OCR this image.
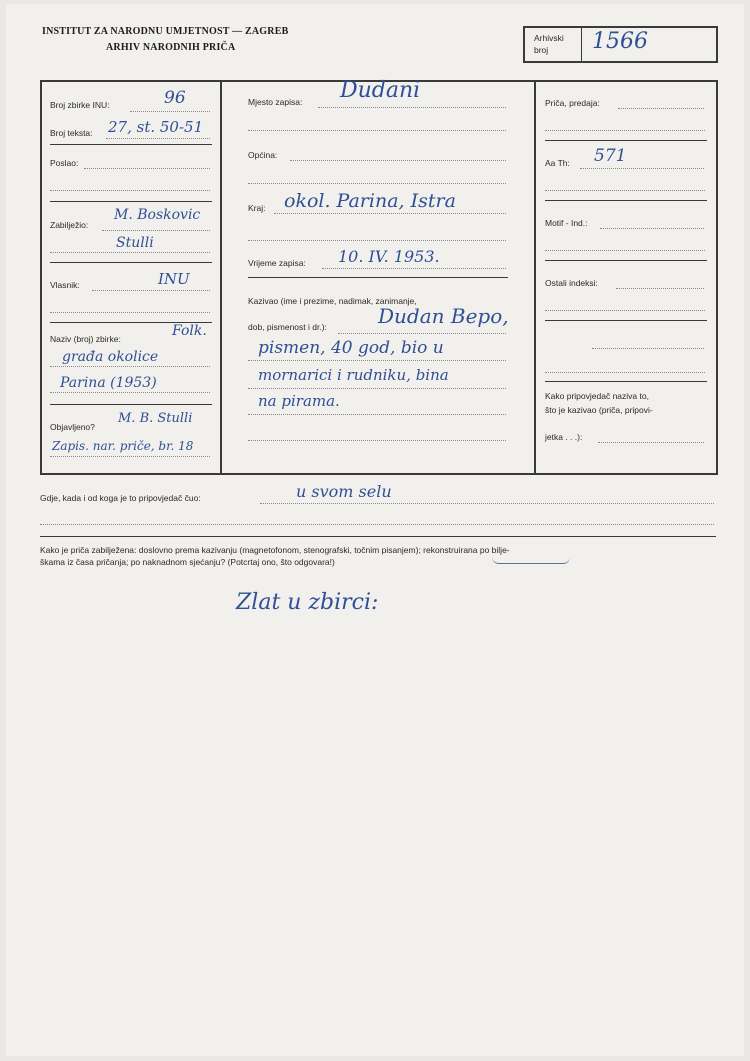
INSTITUT ZA NARODNU UMJETNOST — ZAGREB
ARHIV NARODNIH PRIČA
Arhivski
broj 1566
Broj zbirke INU:	96
Broj teksta: 27, st. 50-51
Poslao:
Zabilježio:
M. Boskovic
Stulli
Vlasnik:	INU
Naziv (broj) zbirke:	Folk.
građa okolice
Parina (1953)
Objavljeno?
M. B. Stulli
Zapis. nar. priče, br. 18
Mjesto zapisa: Dudani
Općina:
Kraj: okol. Parina, Istra
Vrijeme zapisa: 10. IV. 1953.
Kazivao (ime i prezime, nadimak, zanimanje,
dob, pismenost i dr.):	Dudan Bepo,
pismen, 40 god, bio u
mornarici i rudniku, bina
na pirama.
Priča, predaja:
Aa Th: 571
Motif - Ind.:
Ostali indeksi:
Kako pripovjedač naziva to,
što je kazivao (priča, pripovi-
jetka . . .):
Gdje, kada i od koga je to pripovjedač čuo:	u svom selu
Kako je priča zabilježena: doslovno prema kazivanju (magnetofonom, stenografski, točnim pisanjem); rekonstruirana po bilje-
škama iz časa pričanja; po naknadnom sjećanju? (Potcrtaj ono, što odgovara!)
Zlat u zbirci:
